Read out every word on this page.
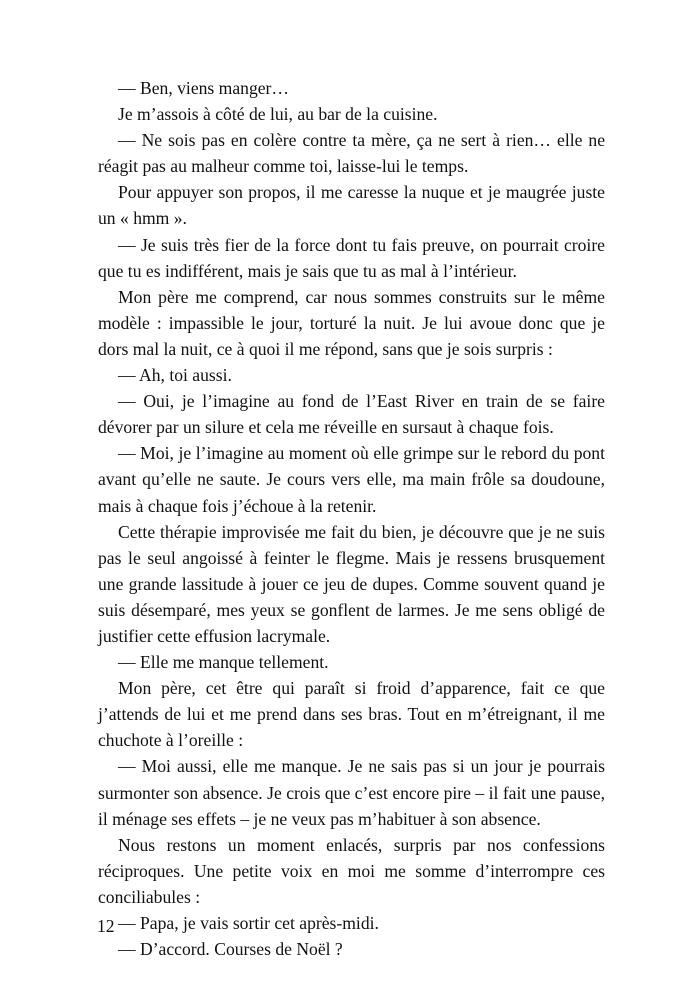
— Ben, viens manger…

Je m’assois à côté de lui, au bar de la cuisine.

— Ne sois pas en colère contre ta mère, ça ne sert à rien… elle ne réagit pas au malheur comme toi, laisse-lui le temps.

Pour appuyer son propos, il me caresse la nuque et je maugrée juste un « hmm ».

— Je suis très fier de la force dont tu fais preuve, on pourrait croire que tu es indifférent, mais je sais que tu as mal à l’intérieur.

Mon père me comprend, car nous sommes construits sur le même modèle : impassible le jour, torturé la nuit. Je lui avoue donc que je dors mal la nuit, ce à quoi il me répond, sans que je sois surpris :

— Ah, toi aussi.

— Oui, je l’imagine au fond de l’East River en train de se faire dévorer par un silure et cela me réveille en sursaut à chaque fois.

— Moi, je l’imagine au moment où elle grimpe sur le rebord du pont avant qu’elle ne saute. Je cours vers elle, ma main frôle sa doudoune, mais à chaque fois j’échoue à la retenir.

Cette thérapie improvisée me fait du bien, je découvre que je ne suis pas le seul angoissé à feinter le flegme. Mais je ressens brusquement une grande lassitude à jouer ce jeu de dupes. Comme souvent quand je suis désemparé, mes yeux se gonflent de larmes. Je me sens obligé de justifier cette effusion lacrymale.

— Elle me manque tellement.

Mon père, cet être qui paraît si froid d’apparence, fait ce que j’attends de lui et me prend dans ses bras. Tout en m’étreignant, il me chuchote à l’oreille :

— Moi aussi, elle me manque. Je ne sais pas si un jour je pourrais surmonter son absence. Je crois que c’est encore pire – il fait une pause, il ménage ses effets – je ne veux pas m’habituer à son absence.

Nous restons un moment enlacés, surpris par nos confessions réciproques. Une petite voix en moi me somme d’interrompre ces conciliabules :

— Papa, je vais sortir cet après-midi.

— D’accord. Courses de Noël ?

12
